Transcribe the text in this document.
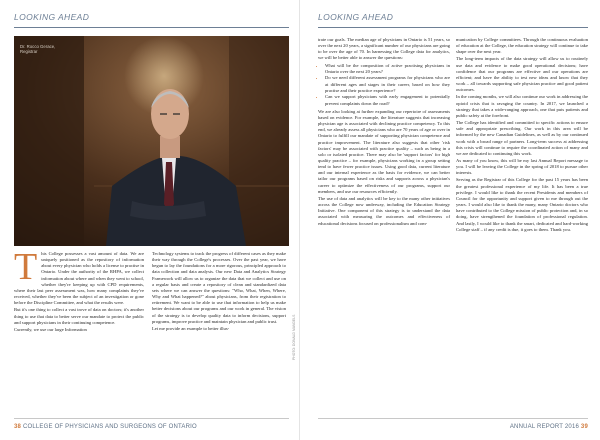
LOOKING AHEAD	LOOKING AHEAD
Dr. Rocco Gerace,
Registrar

T his College possesses a vast amount of data. We are uniquely positioned as the repository of information about every physician who holds a license to practise in Ontario. Under the authority of the RHPA, we collect information about where and when they went to school, whether they're keeping up with CPD requirements, where their last peer assessment was, how many complaints they've received, whether they've been the subject of an investigation or gone before the Discipline Committee, and what the results were.

But it's one thing to collect a vast trove of data on doctors; it's another thing to use that data to better serve our mandate to protect the public and support physicians in their continuing competence.

Currently, we use our large Information

Technology systems to track the progress of different cases as they make their way through the College's processes. Over the past year, we have begun to lay the foundations for a more rigorous, principled approach to data collection and data analysis. Our new Data and Analytics Strategy Framework will allow us to organize the data that we collect and use on a regular basis and create a repository of clean and standardized data sets where we can answer the questions: "Who, What, When, Where, Why and What happened?" about physicians, from their registration to retirement. We want to be able to use that information to help us make better decisions about our programs and our work in general. The vision of the strategy is to develop quality data to inform decisions, support programs, improve practice and maintain physician and public trust.

Let me provide an example to better illus-	PHOTO: DONALD MANDELS

trate our goals. The median age of physicians in Ontario is 51 years, so over the next 20 years, a significant number of our physicians are going to be over the age of 70. In harnessing the College data for analytics, we will be better able to answer the questions:

• What will be the composition of active practising physicians in Ontario over the next 20 years?
• Do we need different assessment programs for physicians who are at different ages and stages in their career, based on how they practise and their practice experience?
• Can we support physicians with early engagement to potentially prevent complaints down the road?

We are also looking at further expanding our repertoire of assessments based on evidence. For example, the literature suggests that increasing physician age is associated with declining practice competency. To this end, we already assess all physicians who are 70 years of age or over in Ontario to fulfill our mandate of supporting physician competence and practice improvement. The literature also suggests that other 'risk factors' may be associated with practice quality – such as being in a solo or isolated practice. There may also be 'support factors' for high quality practice – for example, physicians working in a group setting tend to have fewer practice issues. Using good data, current literature and our internal experience as the basis for evidence, we can better tailor our programs based on risks and supports across a physician's career to optimize the effectiveness of our programs, support our members, and use our resources efficiently.

The use of data and analytics will be key to the many other initiatives across the College now underway, including the Education Strategy Initiative. One component of this strategy is to understand the data associated with measuring the outcomes and effectiveness of educational decisions focused on professionalism and com-

munication by College committees. Through the continuous evaluation of education at the College, the education strategy will continue to take shape over the next year.

The long-term impacts of the data strategy will allow us to routinely use data and evidence to make good operational decisions; have confidence that our programs are effective and our operations are efficient; and have the ability to test new ideas and know that they work – all towards supporting safe physician practice and good patient outcomes.

In the coming months, we will also continue our work in addressing the opioid crisis that is ravaging the country. In 2017, we launched a strategy that takes a wide-ranging approach, one that puts patients and public safety at the forefront.

The College has identified and committed to specific actions to ensure safe and appropriate prescribing. Our work in this area will be informed by the new Canadian Guidelines, as well as by our continued work with a broad range of partners. Long-term success at addressing this crisis will continue to require the coordinated action of many and we are dedicated to continuing this work.

As many of you know, this will be my last Annual Report message to you. I will be leaving the College in the spring of 2018 to pursue other interests.

Serving as the Registrar of this College for the past 15 years has been the greatest professional experience of my life. It has been a true privilege. I would like to thank the recent Presidents and members of Council for the opportunity and support given to me through out the years. I would also like to thank the many, many Ontario doctors who have contributed to the College mission of public protection and, in so doing, have strengthened the foundation of professional regulation. And lastly, I would like to thank the smart, dedicated and hard-working College staff – if any credit is due, it goes to them. Thank you.

38 COLLEGE OF PHYSICIANS AND SURGEONS OF ONTARIO	ANNUAL REPORT 2016 39
